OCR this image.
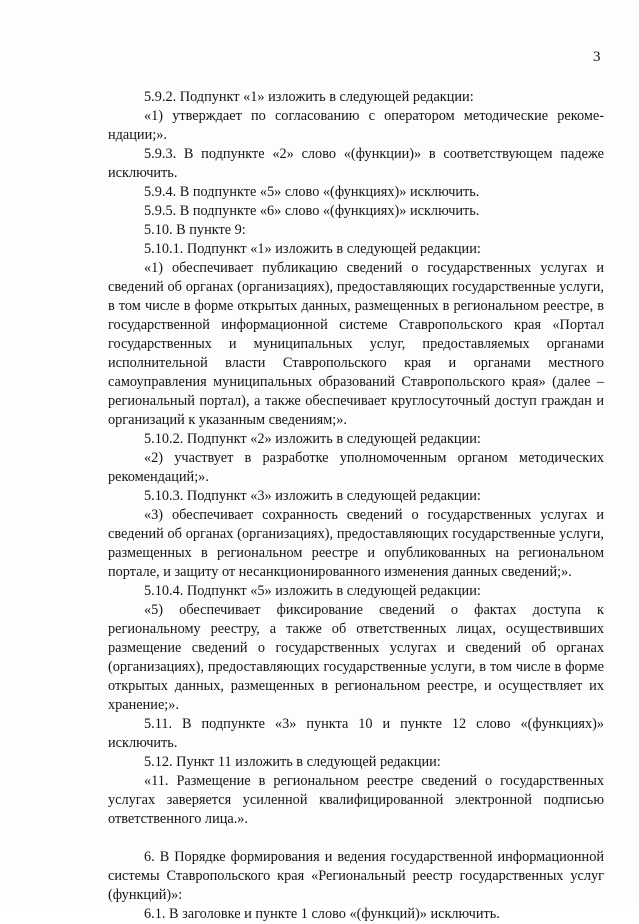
3

5.9.2. Подпункт «1» изложить в следующей редакции:

«1) утверждает по согласованию с оператором методические рекоме-ндации;».

5.9.3. В подпункте «2» слово «(функции)» в соответствующем падеже исключить.

5.9.4. В подпункте «5» слово «(функциях)» исключить.

5.9.5. В подпункте «6» слово «(функциях)» исключить.

5.10. В пункте 9:

5.10.1. Подпункт «1» изложить в следующей редакции:

«1) обеспечивает публикацию сведений о государственных услугах и сведений об органах (организациях), предоставляющих государственные услуги, в том числе в форме открытых данных, размещенных в региональном реестре, в государственной информационной системе Ставропольского края «Портал государственных и муниципальных услуг, предоставляемых органами исполнительной власти Ставропольского края и органами местного самоуправления муниципальных образований Ставропольского края» (далее – региональный портал), а также обеспечивает круглосуточный доступ граждан и организаций к указанным сведениям;».

5.10.2. Подпункт «2» изложить в следующей редакции:

«2) участвует в разработке уполномоченным органом методических рекомендаций;».

5.10.3. Подпункт «3» изложить в следующей редакции:

«3) обеспечивает сохранность сведений о государственных услугах и сведений об органах (организациях), предоставляющих государственные услуги, размещенных в региональном реестре и опубликованных на региональном портале, и защиту от несанкционированного изменения данных сведений;».

5.10.4. Подпункт «5» изложить в следующей редакции:

«5) обеспечивает фиксирование сведений о фактах доступа к региональному реестру, а также об ответственных лицах, осуществивших размещение сведений о государственных услугах и сведений об органах (организациях), предоставляющих государственные услуги, в том числе в форме открытых данных, размещенных в региональном реестре, и осуществляет их хранение;».

5.11. В подпункте «3» пункта 10 и пункте 12 слово «(функциях)» исключить.

5.12. Пункт 11 изложить в следующей редакции:

«11. Размещение в региональном реестре сведений о государственных услугах заверяется усиленной квалифицированной электронной подписью ответственного лица.».

6. В Порядке формирования и ведения государственной информационной системы Ставропольского края «Региональный реестр государственных услуг (функций)»:

6.1. В заголовке и пункте 1 слово «(функций)» исключить.
